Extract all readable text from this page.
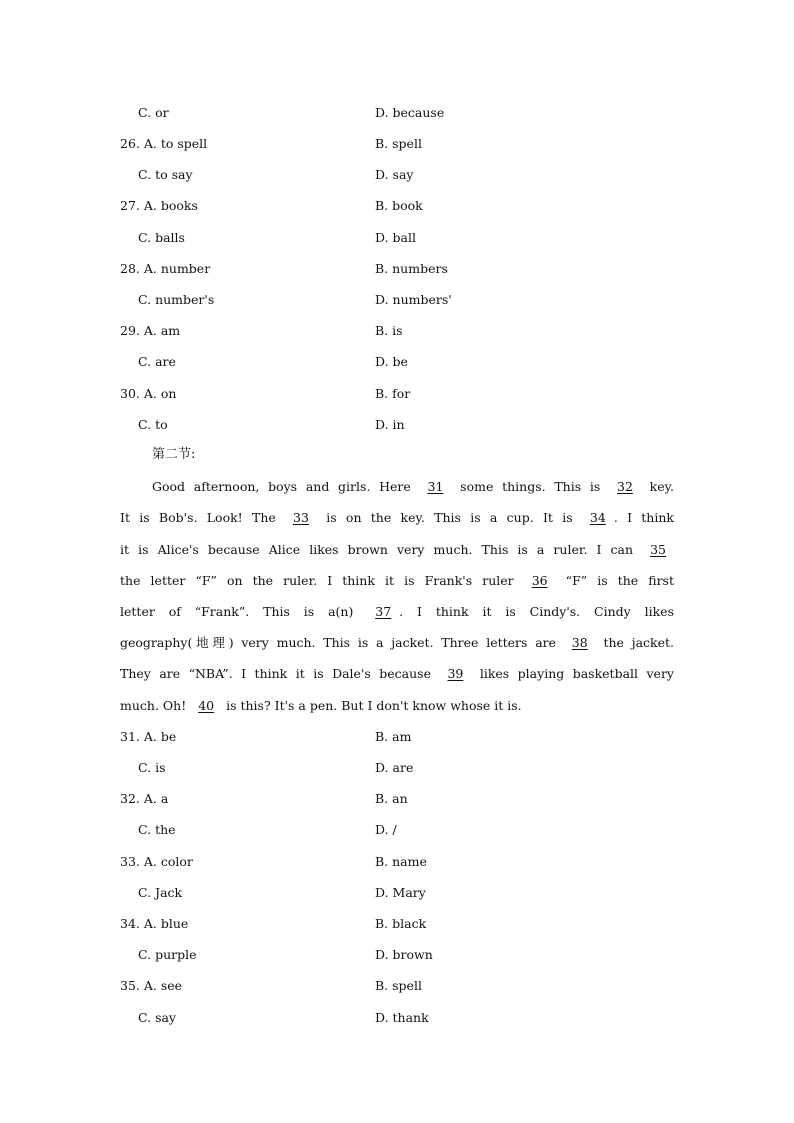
C. or	D. because
26. A. to spell	B. spell
C. to say	D. say
27. A. books	B. book
C. balls	D. ball
28. A. number	B. numbers
C. number's	D. numbers'
29. A. am	B. is
C. are	D. be
30. A. on	B. for
C. to	D. in
第二节:
Good afternoon, boys and girls. Here 31 some things. This is 32 key.
It is Bob's. Look! The 33 is on the key. This is a cup. It is 34 . I think
it is Alice's because Alice likes brown very much. This is a ruler. I can 35
the letter “F” on the ruler. I think it is Frank's ruler 36 “F” is the first
letter of “Frank”. This is a(n) 37 . I think it is Cindy's. Cindy likes
geography(地理) very much. This is a jacket. Three letters are 38 the jacket.
They are “NBA”. I think it is Dale's because 39 likes playing basketball very
much. Oh! 40 is this? It's a pen. But I don't know whose it is.
31. A. be	B. am
C. is	D. are
32. A. a	B. an
C. the	D. /
33. A. color	B. name
C. Jack	D. Mary
34. A. blue	B. black
C. purple	D. brown
35. A. see	B. spell
C. say	D. thank
